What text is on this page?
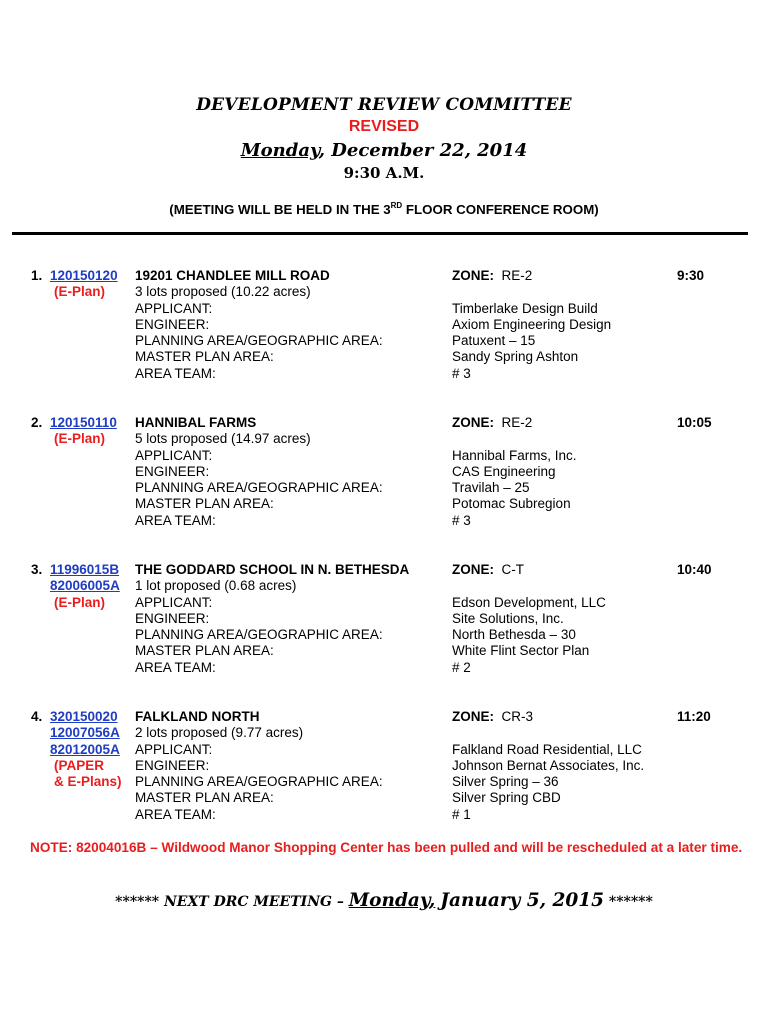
DEVELOPMENT REVIEW COMMITTEE
REVISED
Monday, December 22, 2014
9:30 A.M.
(MEETING WILL BE HELD IN THE 3RD FLOOR CONFERENCE ROOM)
1. 120150120
(E-Plan)
19201 CHANDLEE MILL ROAD
3 lots proposed (10.22 acres)
APPLICANT:
ENGINEER:
PLANNING AREA/GEOGRAPHIC AREA:
MASTER PLAN AREA:
AREA TEAM:
ZONE: RE-2

Timberlake Design Build
Axiom Engineering Design
Patuxent – 15
Sandy Spring Ashton
# 3
9:30
2. 120150110
(E-Plan)
HANNIBAL FARMS
5 lots proposed (14.97 acres)
APPLICANT:
ENGINEER:
PLANNING AREA/GEOGRAPHIC AREA:
MASTER PLAN AREA:
AREA TEAM:
ZONE: RE-2

Hannibal Farms, Inc.
CAS Engineering
Travilah – 25
Potomac Subregion
# 3
10:05
3. 11996015B
82006005A
(E-Plan)
THE GODDARD SCHOOL IN N. BETHESDA
1 lot proposed (0.68 acres)
APPLICANT:
ENGINEER:
PLANNING AREA/GEOGRAPHIC AREA:
MASTER PLAN AREA:
AREA TEAM:
ZONE: C-T

Edson Development, LLC
Site Solutions, Inc.
North Bethesda – 30
White Flint Sector Plan
# 2
10:40
4. 320150020
12007056A
82012005A
(PAPER
& E-Plans)
FALKLAND NORTH
2 lots proposed (9.77 acres)
APPLICANT:
ENGINEER:
PLANNING AREA/GEOGRAPHIC AREA:
MASTER PLAN AREA:
AREA TEAM:
ZONE: CR-3

Falkland Road Residential, LLC
Johnson Bernat Associates, Inc.
Silver Spring – 36
Silver Spring CBD
# 1
11:20
NOTE: 82004016B – Wildwood Manor Shopping Center has been pulled and will be rescheduled at a later time.
****** NEXT DRC MEETING – Monday, January 5, 2015 ******
